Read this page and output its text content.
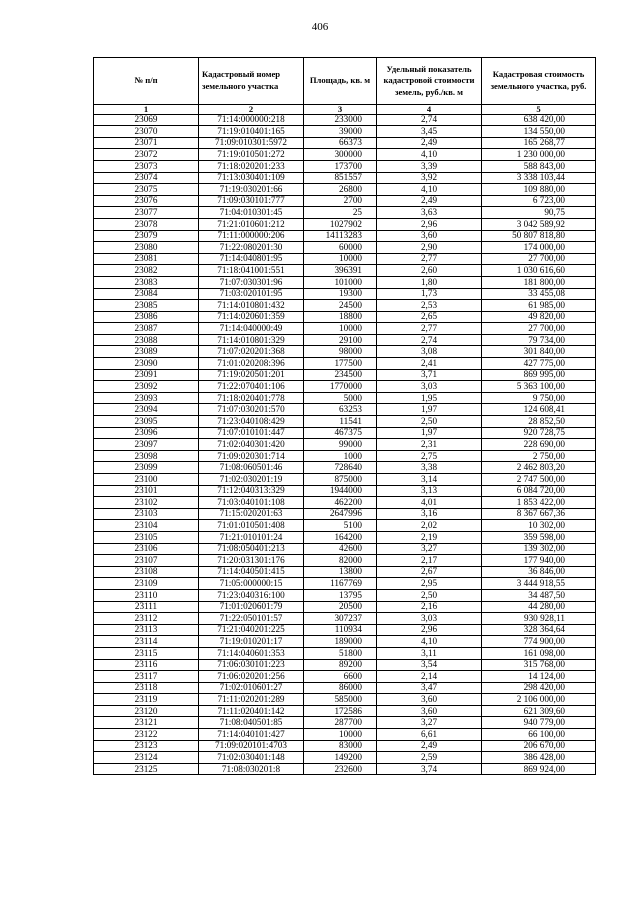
406
№ п/п	Кадастровый номер земельного участка	Площадь, кв. м	Удельный показатель кадастровой стоимости земель, руб./кв. м	Кадастровая стоимость земельного участка, руб.
1	2	3	4	5
23069	71:14:000000:218	233000	2,74	638 420,00
23070	71:19:010401:165	39000	3,45	134 550,00
23071	71:09:010301:5972	66373	2,49	165 268,77
23072	71:19:010501:272	300000	4,10	1 230 000,00
23073	71:18:020201:233	173700	3,39	588 843,00
23074	71:13:030401:109	851557	3,92	3 338 103,44
23075	71:19:030201:66	26800	4,10	109 880,00
23076	71:09:030101:777	2700	2,49	6 723,00
23077	71:04:010301:45	25	3,63	90,75
23078	71:21:010601:212	1027902	2,96	3 042 589,92
23079	71:11:000000:206	14113283	3,60	50 807 818,80
23080	71:22:080201:30	60000	2,90	174 000,00
23081	71:14:040801:95	10000	2,77	27 700,00
23082	71:18:041001:551	396391	2,60	1 030 616,60
23083	71:07:030301:96	101000	1,80	181 800,00
23084	71:03:020101:95	19300	1,73	33 455,08
23085	71:14:010801:432	24500	2,53	61 985,00
23086	71:14:020601:359	18800	2,65	49 820,00
23087	71:14:040000:49	10000	2,77	27 700,00
23088	71:14:010801:329	29100	2,74	79 734,00
23089	71:07:020201:368	98000	3,08	301 840,00
23090	71:01:020208:396	177500	2,41	427 775,00
23091	71:19:020501:201	234500	3,71	869 995,00
23092	71:22:070401:106	1770000	3,03	5 363 100,00
23093	71:18:020401:778	5000	1,95	9 750,00
23094	71:07:030201:570	63253	1,97	124 608,41
23095	71:23:040108:429	11541	2,50	28 852,50
23096	71:07:010101:447	467375	1,97	920 728,75
23097	71:02:040301:420	99000	2,31	228 690,00
23098	71:09:020301:714	1000	2,75	2 750,00
23099	71:08:060501:46	728640	3,38	2 462 803,20
23100	71:02:030201:19	875000	3,14	2 747 500,00
23101	71:12:040313:329	1944000	3,13	6 084 720,00
23102	71:03:040101:108	462200	4,01	1 853 422,00
23103	71:15:020201:63	2647996	3,16	8 367 667,36
23104	71:01:010501:408	5100	2,02	10 302,00
23105	71:21:010101:24	164200	2,19	359 598,00
23106	71:08:050401:213	42600	3,27	139 302,00
23107	71:20:031301:176	82000	2,17	177 940,00
23108	71:14:040501:415	13800	2,67	36 846,00
23109	71:05:000000:15	1167769	2,95	3 444 918,55
23110	71:23:040316:100	13795	2,50	34 487,50
23111	71:01:020601:79	20500	2,16	44 280,00
23112	71:22:050101:57	307237	3,03	930 928,11
23113	71:21:040201:225	110934	2,96	328 364,64
23114	71:19:010201:17	189000	4,10	774 900,00
23115	71:14:040601:353	51800	3,11	161 098,00
23116	71:06:030101:223	89200	3,54	315 768,00
23117	71:06:020201:256	6600	2,14	14 124,00
23118	71:02:010601:27	86000	3,47	298 420,00
23119	71:11:020201:289	585000	3,60	2 106 000,00
23120	71:11:020401:142	172586	3,60	621 309,60
23121	71:08:040501:85	287700	3,27	940 779,00
23122	71:14:040101:427	10000	6,61	66 100,00
23123	71:09:020101:4703	83000	2,49	206 670,00
23124	71:02:030401:148	149200	2,59	386 428,00
23125	71:08:030201:8	232600	3,74	869 924,00
